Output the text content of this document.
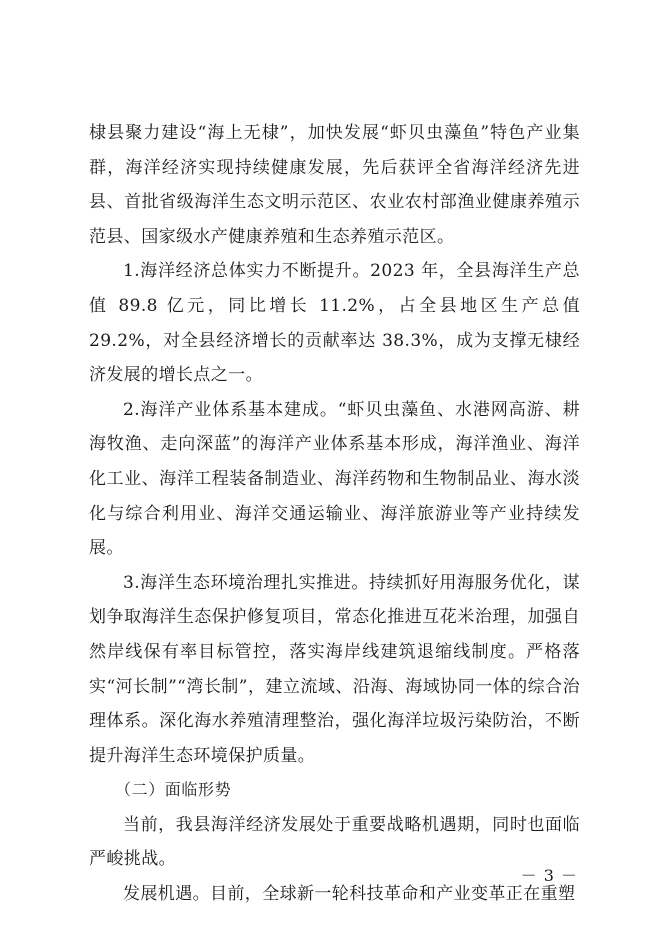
棣县聚力建设“海上无棣”，加快发展“虾贝虫藻鱼”特色产业集群，海洋经济实现持续健康发展，先后获评全省海洋经济先进县、首批省级海洋生态文明示范区、农业农村部渔业健康养殖示范县、国家级水产健康养殖和生态养殖示范区。

1.海洋经济总体实力不断提升。2023 年，全县海洋生产总值 89.8 亿元，同比增长 11.2%，占全县地区生产总值 29.2%，对全县经济增长的贡献率达 38.3%，成为支撑无棣经济发展的增长点之一。

2.海洋产业体系基本建成。“虾贝虫藻鱼、水港网高游、耕海牧渔、走向深蓝”的海洋产业体系基本形成，海洋渔业、海洋化工业、海洋工程装备制造业、海洋药物和生物制品业、海水淡化与综合利用业、海洋交通运输业、海洋旅游业等产业持续发展。

3.海洋生态环境治理扎实推进。持续抓好用海服务优化，谋划争取海洋生态保护修复项目，常态化推进互花米治理，加强自然岸线保有率目标管控，落实海岸线建筑退缩线制度。严格落实“河长制”“湾长制”，建立流域、沿海、海域协同一体的综合治理体系。深化海水养殖清理整治，强化海洋垃圾污染防治，不断提升海洋生态环境保护质量。

（二）面临形势

当前，我县海洋经济发展处于重要战略机遇期，同时也面临严峻挑战。

发展机遇。目前，全球新一轮科技革命和产业变革正在重塑

－ 3 －
